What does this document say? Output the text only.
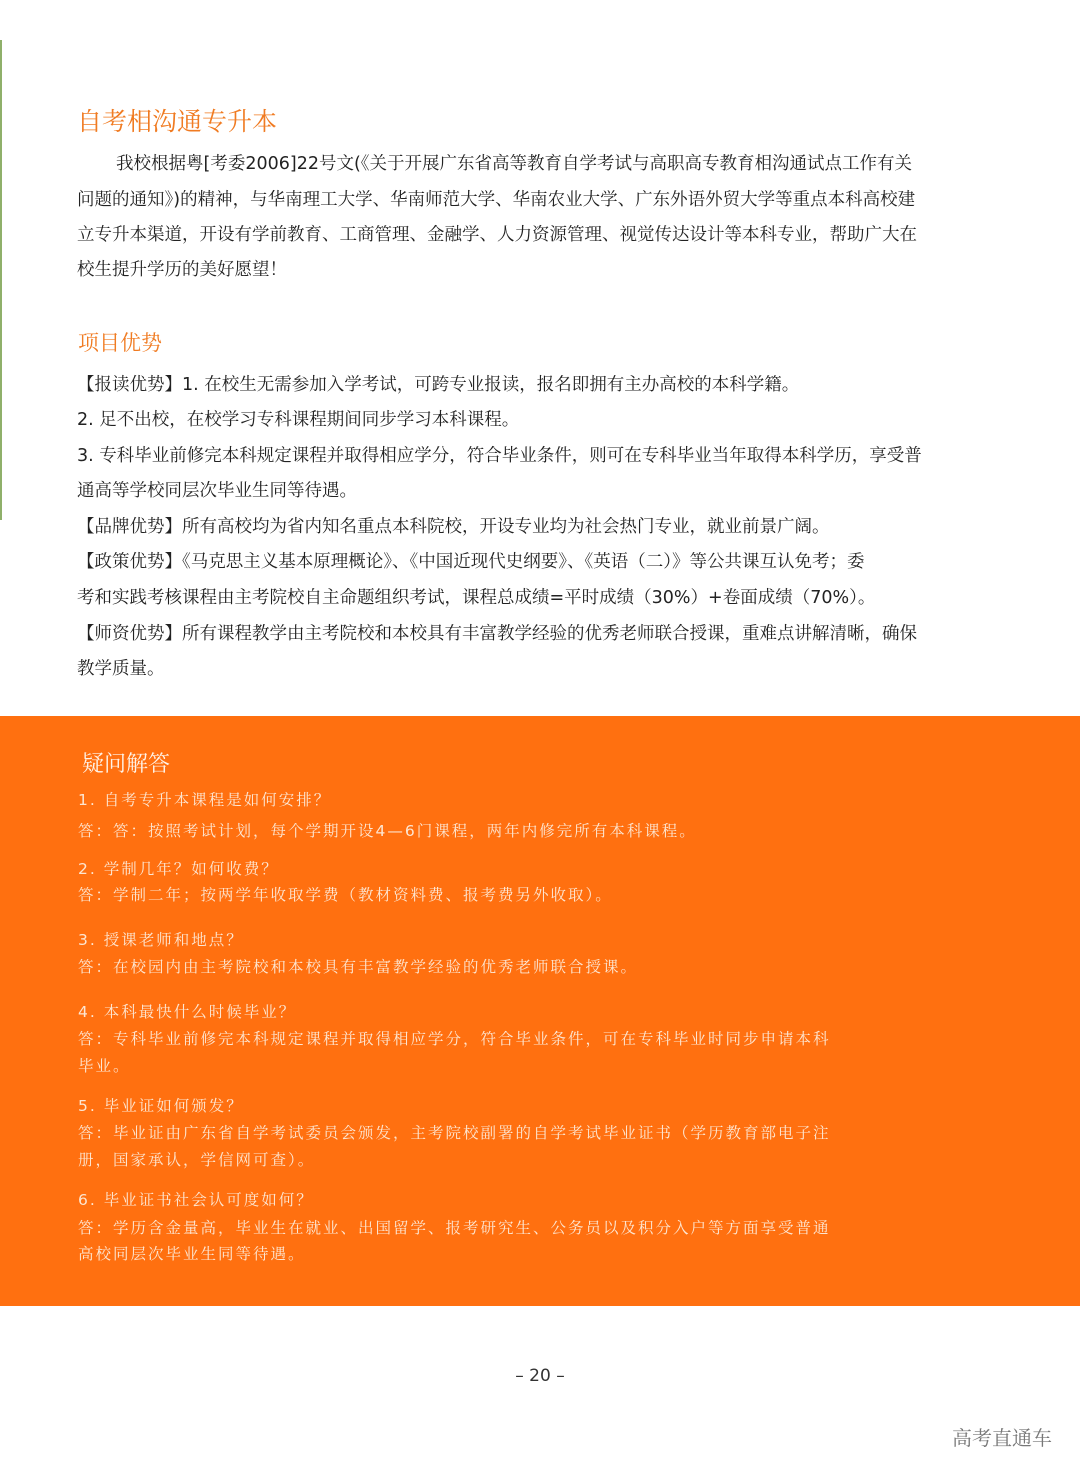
自考相沟通专升本
我校根据粤[考委2006]22号文(《关于开展广东省高等教育自学考试与高职高专教育相沟通试点工作有关
问题的通知》)的精神，与华南理工大学、华南师范大学、华南农业大学、广东外语外贸大学等重点本科高校建
立专升本渠道，开设有学前教育、工商管理、金融学、人力资源管理、视觉传达设计等本科专业，帮助广大在
校生提升学历的美好愿望！
项目优势
【报读优势】1. 在校生无需参加入学考试，可跨专业报读，报名即拥有主办高校的本科学籍。
2. 足不出校，在校学习专科课程期间同步学习本科课程。
3. 专科毕业前修完本科规定课程并取得相应学分，符合毕业条件，则可在专科毕业当年取得本科学历，享受普
通高等学校同层次毕业生同等待遇。
【品牌优势】所有高校均为省内知名重点本科院校，开设专业均为社会热门专业，就业前景广阔。
【政策优势】《马克思主义基本原理概论》、《中国近现代史纲要》、《英语（二）》等公共课互认免考；委
考和实践考核课程由主考院校自主命题组织考试，课程总成绩=平时成绩（30%）+卷面成绩（70%）。
【师资优势】所有课程教学由主考院校和本校具有丰富教学经验的优秀老师联合授课，重难点讲解清晰，确保
教学质量。
疑问解答
1. 自考专升本课程是如何安排？
答：答：按照考试计划，每个学期开设4—6门课程，两年内修完所有本科课程。
2. 学制几年？如何收费？
答：学制二年；按两学年收取学费（教材资料费、报考费另外收取）。
3. 授课老师和地点？
答：在校园内由主考院校和本校具有丰富教学经验的优秀老师联合授课。
4. 本科最快什么时候毕业？
答：专科毕业前修完本科规定课程并取得相应学分，符合毕业条件，可在专科毕业时同步申请本科
毕业。
5. 毕业证如何颁发？
答：毕业证由广东省自学考试委员会颁发，主考院校副署的自学考试毕业证书（学历教育部电子注
册，国家承认，学信网可查）。
6. 毕业证书社会认可度如何？
答：学历含金量高，毕业生在就业、出国留学、报考研究生、公务员以及积分入户等方面享受普通
高校同层次毕业生同等待遇。
– 20 –
高考直通车
